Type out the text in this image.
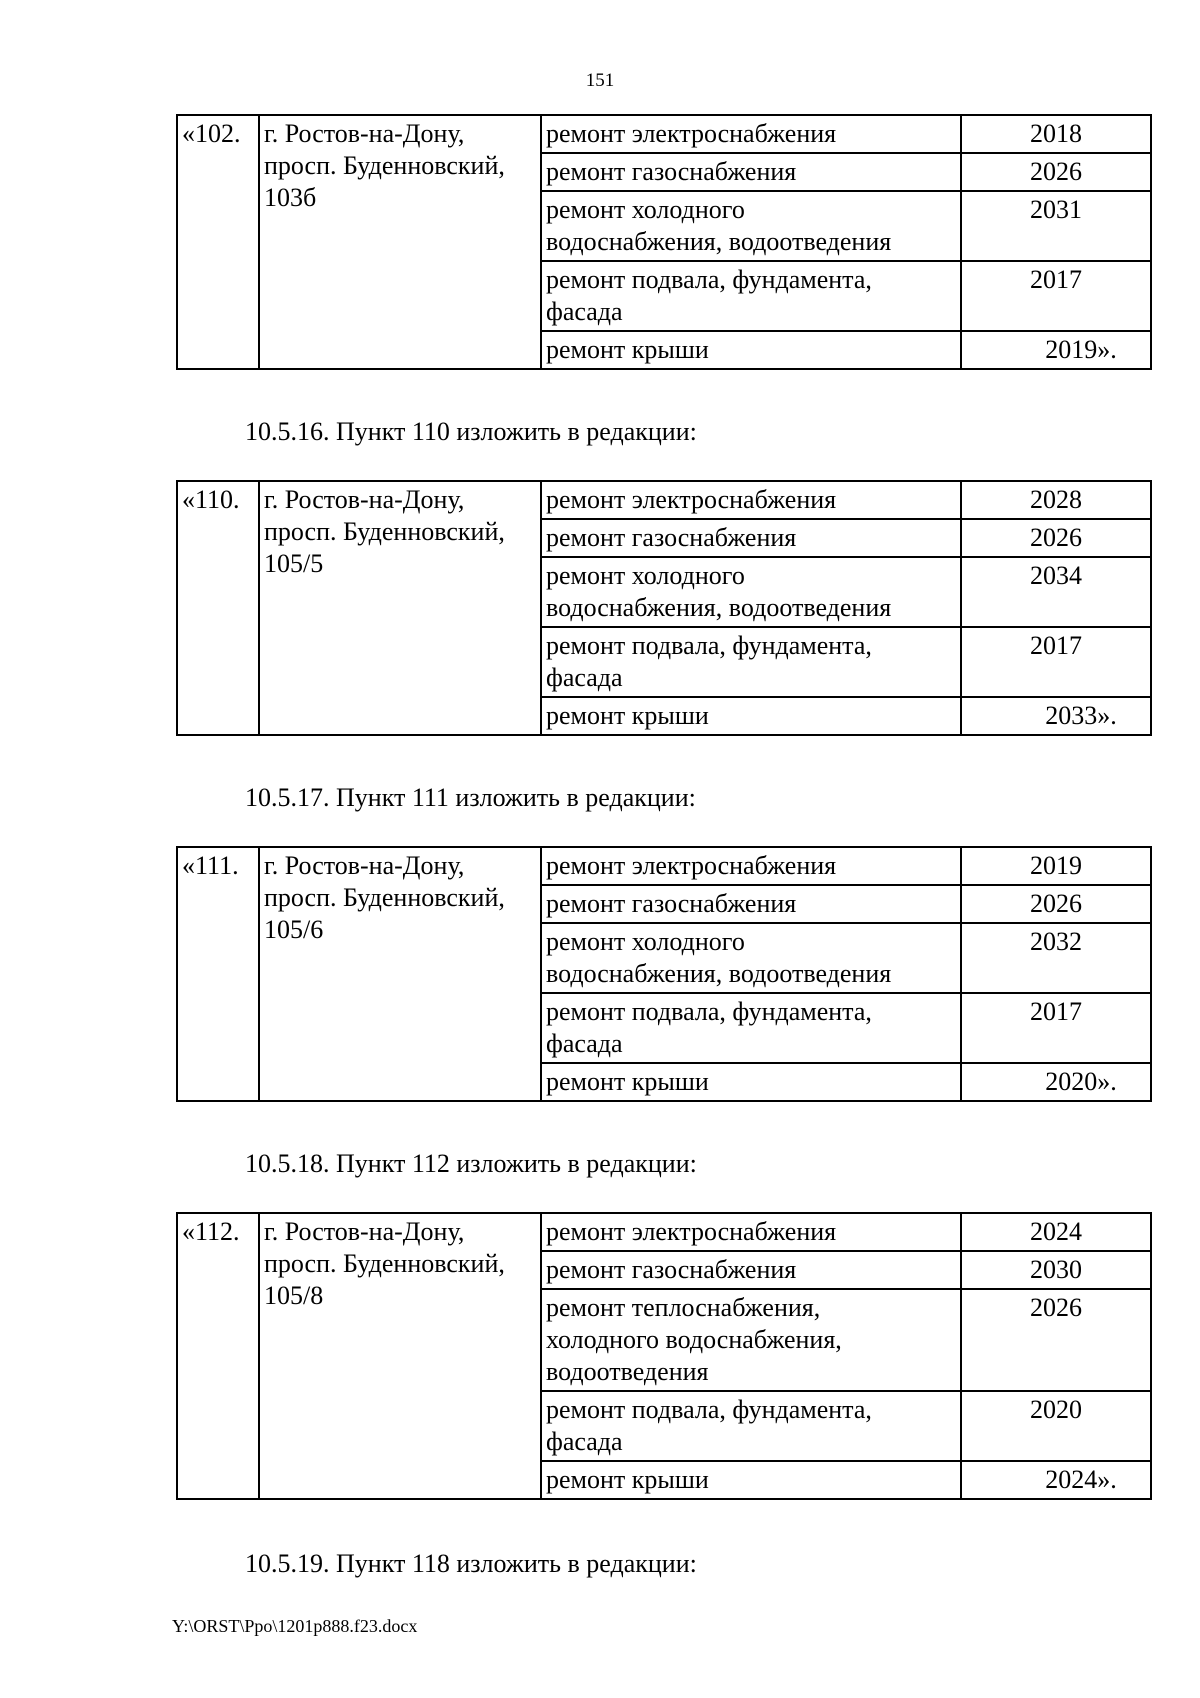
151
«102.	г. Ростов-на-Дону,
просп. Буденновский,
103б	ремонт электроснабжения	2018

		ремонт газоснабжения	2026

		ремонт холодного
водоснабжения, водоотведения	2031

		ремонт подвала, фундамента,
фасада	2017

		ремонт крыши	2019».
10.5.16. Пункт 110 изложить в редакции:
«110.	г. Ростов-на-Дону,
просп. Буденновский,
105/5	ремонт электроснабжения	2028

		ремонт газоснабжения	2026

		ремонт холодного
водоснабжения, водоотведения	2034

		ремонт подвала, фундамента,
фасада	2017

		ремонт крыши	2033».
10.5.17. Пункт 111 изложить в редакции:
«111.	г. Ростов-на-Дону,
просп. Буденновский,
105/6	ремонт электроснабжения	2019

		ремонт газоснабжения	2026

		ремонт холодного
водоснабжения, водоотведения	2032

		ремонт подвала, фундамента,
фасада	2017

		ремонт крыши	2020».
10.5.18. Пункт 112 изложить в редакции:
«112.	г. Ростов-на-Дону,
просп. Буденновский,
105/8	ремонт электроснабжения	2024

		ремонт газоснабжения	2030

		ремонт теплоснабжения,
холодного водоснабжения,
водоотведения	2026

		ремонт подвала, фундамента,
фасада	2020

		ремонт крыши	2024».
10.5.19. Пункт 118 изложить в редакции:
Y:\ORST\Ppo\1201p888.f23.docx
